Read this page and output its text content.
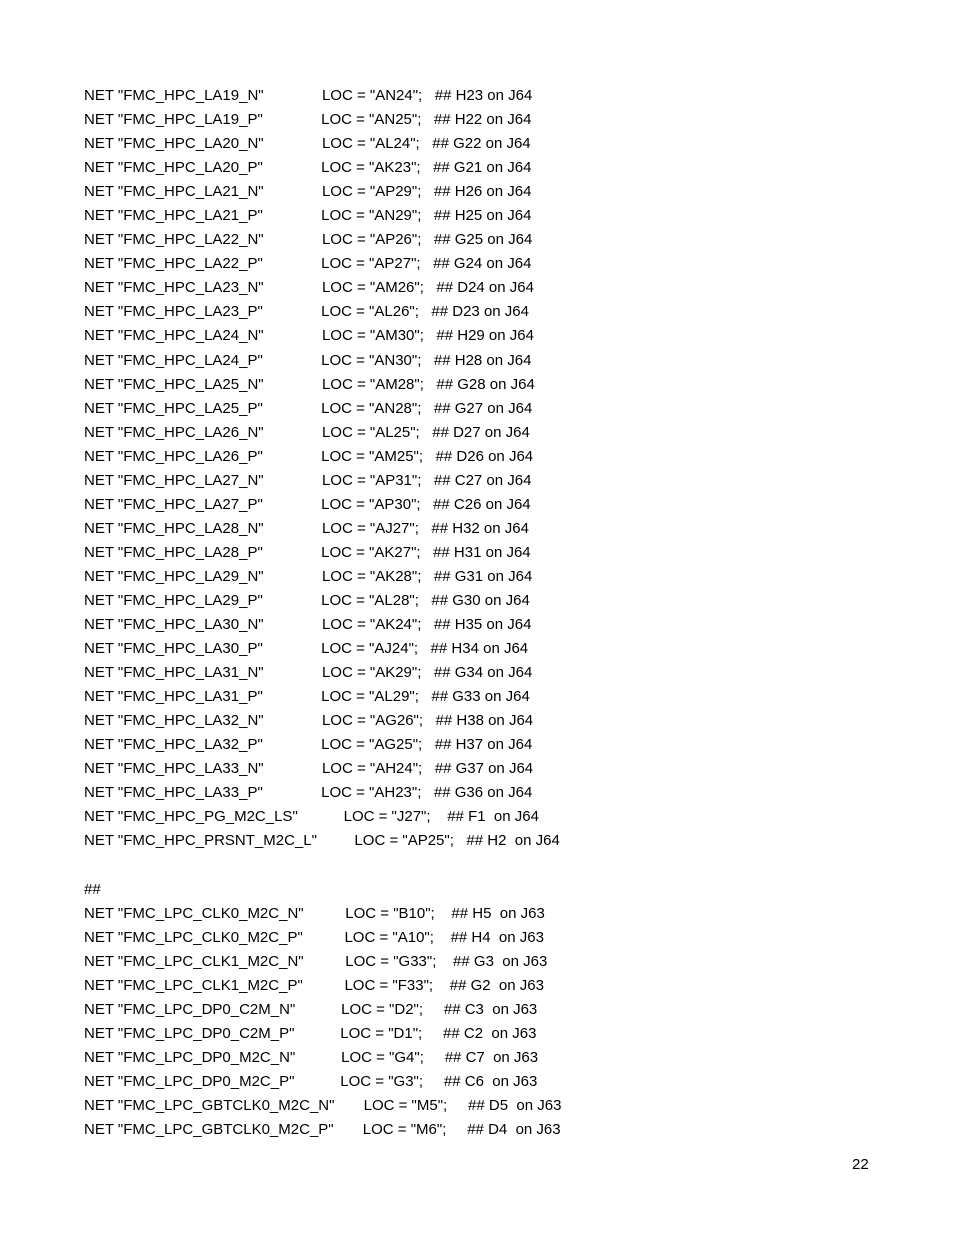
NET "FMC_HPC_LA19_N"              LOC = "AN24";   ## H23 on J64
NET "FMC_HPC_LA19_P"              LOC = "AN25";   ## H22 on J64
NET "FMC_HPC_LA20_N"              LOC = "AL24";   ## G22 on J64
NET "FMC_HPC_LA20_P"              LOC = "AK23";   ## G21 on J64
NET "FMC_HPC_LA21_N"              LOC = "AP29";   ## H26 on J64
NET "FMC_HPC_LA21_P"              LOC = "AN29";   ## H25 on J64
NET "FMC_HPC_LA22_N"              LOC = "AP26";   ## G25 on J64
NET "FMC_HPC_LA22_P"              LOC = "AP27";   ## G24 on J64
NET "FMC_HPC_LA23_N"              LOC = "AM26";   ## D24 on J64
NET "FMC_HPC_LA23_P"              LOC = "AL26";   ## D23 on J64
NET "FMC_HPC_LA24_N"              LOC = "AM30";   ## H29 on J64
NET "FMC_HPC_LA24_P"              LOC = "AN30";   ## H28 on J64
NET "FMC_HPC_LA25_N"              LOC = "AM28";   ## G28 on J64
NET "FMC_HPC_LA25_P"              LOC = "AN28";   ## G27 on J64
NET "FMC_HPC_LA26_N"              LOC = "AL25";   ## D27 on J64
NET "FMC_HPC_LA26_P"              LOC = "AM25";   ## D26 on J64
NET "FMC_HPC_LA27_N"              LOC = "AP31";   ## C27 on J64
NET "FMC_HPC_LA27_P"              LOC = "AP30";   ## C26 on J64
NET "FMC_HPC_LA28_N"              LOC = "AJ27";   ## H32 on J64
NET "FMC_HPC_LA28_P"              LOC = "AK27";   ## H31 on J64
NET "FMC_HPC_LA29_N"              LOC = "AK28";   ## G31 on J64
NET "FMC_HPC_LA29_P"              LOC = "AL28";   ## G30 on J64
NET "FMC_HPC_LA30_N"              LOC = "AK24";   ## H35 on J64
NET "FMC_HPC_LA30_P"              LOC = "AJ24";   ## H34 on J64
NET "FMC_HPC_LA31_N"              LOC = "AK29";   ## G34 on J64
NET "FMC_HPC_LA31_P"              LOC = "AL29";   ## G33 on J64
NET "FMC_HPC_LA32_N"              LOC = "AG26";   ## H38 on J64
NET "FMC_HPC_LA32_P"              LOC = "AG25";   ## H37 on J64
NET "FMC_HPC_LA33_N"              LOC = "AH24";   ## G37 on J64
NET "FMC_HPC_LA33_P"              LOC = "AH23";   ## G36 on J64
NET "FMC_HPC_PG_M2C_LS"           LOC = "J27";    ## F1  on J64
NET "FMC_HPC_PRSNT_M2C_L"         LOC = "AP25";   ## H2  on J64
##
NET "FMC_LPC_CLK0_M2C_N"          LOC = "B10";    ## H5  on J63
NET "FMC_LPC_CLK0_M2C_P"          LOC = "A10";    ## H4  on J63
NET "FMC_LPC_CLK1_M2C_N"          LOC = "G33";    ## G3  on J63
NET "FMC_LPC_CLK1_M2C_P"          LOC = "F33";    ## G2  on J63
NET "FMC_LPC_DP0_C2M_N"           LOC = "D2";     ## C3  on J63
NET "FMC_LPC_DP0_C2M_P"           LOC = "D1";     ## C2  on J63
NET "FMC_LPC_DP0_M2C_N"           LOC = "G4";     ## C7  on J63
NET "FMC_LPC_DP0_M2C_P"           LOC = "G3";     ## C6  on J63
NET "FMC_LPC_GBTCLK0_M2C_N"       LOC = "M5";     ## D5  on J63
NET "FMC_LPC_GBTCLK0_M2C_P"       LOC = "M6";     ## D4  on J63
22
